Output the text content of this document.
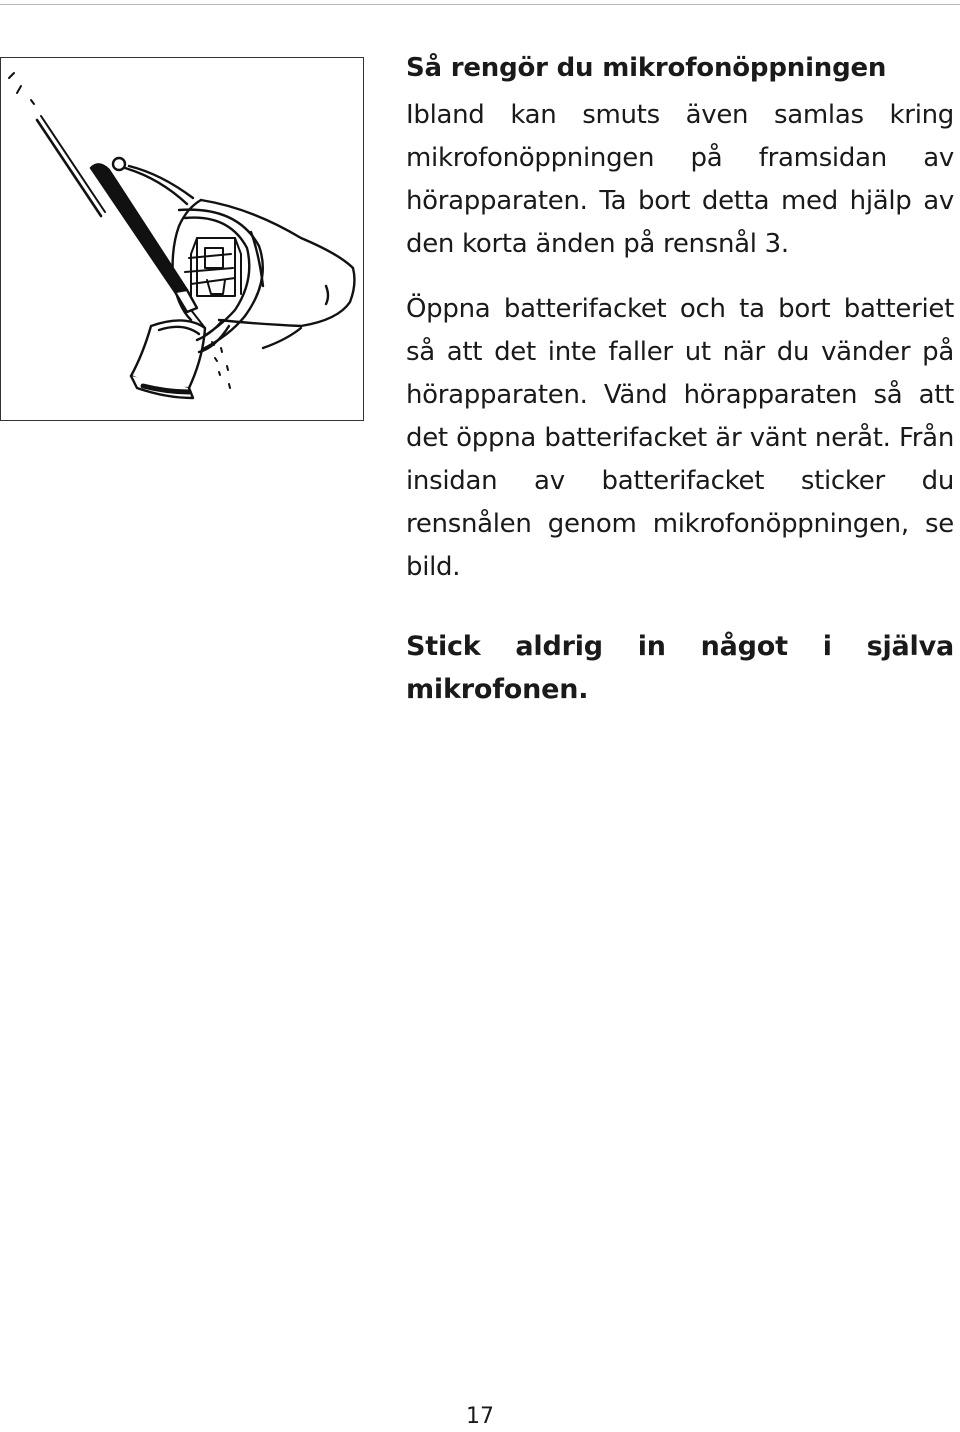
Så rengör du mikrofonöppningen

Ibland kan smuts även samlas kring mikrofonöppningen på framsidan av hörapparaten. Ta bort detta med hjälp av den korta änden på rensnål 3.

Öppna batterifacket och ta bort batteriet så att det inte faller ut när du vänder på hörapparaten. Vänd hörapparaten så att det öppna batterifacket är vänt neråt. Från insidan av batterifacket sticker du rensnålen genom mikrofonöppningen, se bild.

Stick aldrig in något i själva mikrofonen.

17
